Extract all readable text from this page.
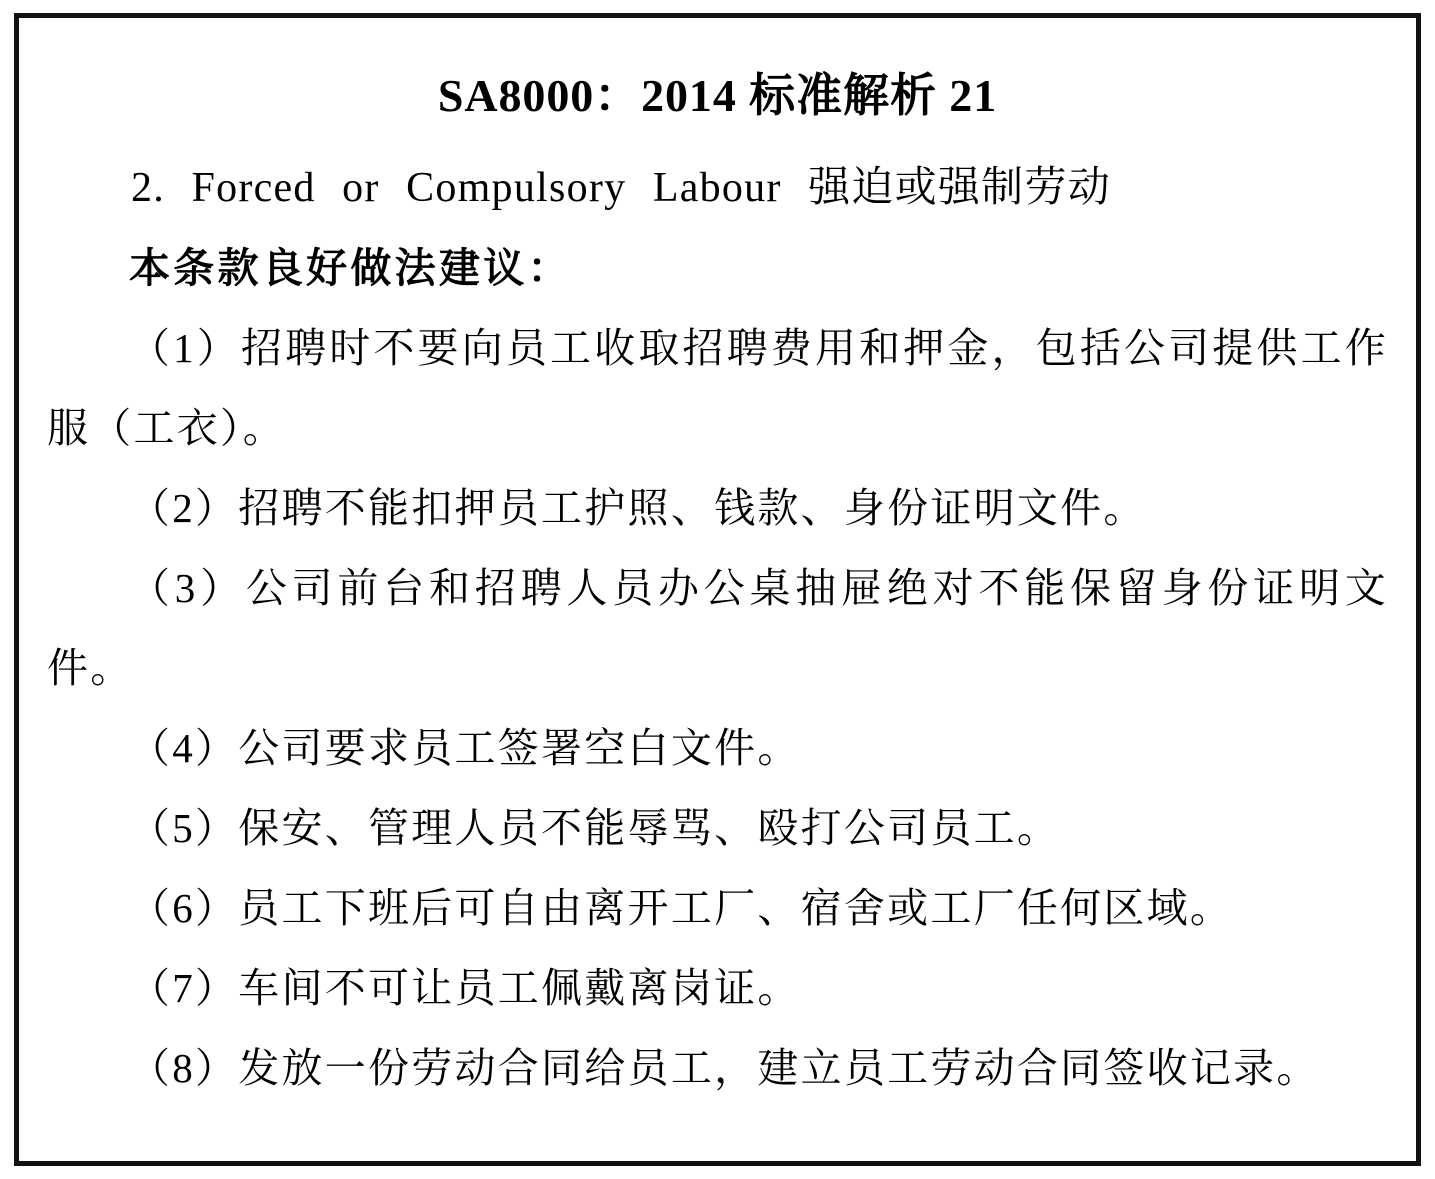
SA8000：2014 标准解析 21

2. Forced or Compulsory Labour 强迫或强制劳动

本条款良好做法建议：

（1）招聘时不要向员工收取招聘费用和押金，包括公司提供工作服（工衣）。

（2）招聘不能扣押员工护照、钱款、身份证明文件。

（3）公司前台和招聘人员办公桌抽屉绝对不能保留身份证明文件。

（4）公司要求员工签署空白文件。

（5）保安、管理人员不能辱骂、殴打公司员工。

（6）员工下班后可自由离开工厂、宿舍或工厂任何区域。

（7）车间不可让员工佩戴离岗证。

（8）发放一份劳动合同给员工，建立员工劳动合同签收记录。
